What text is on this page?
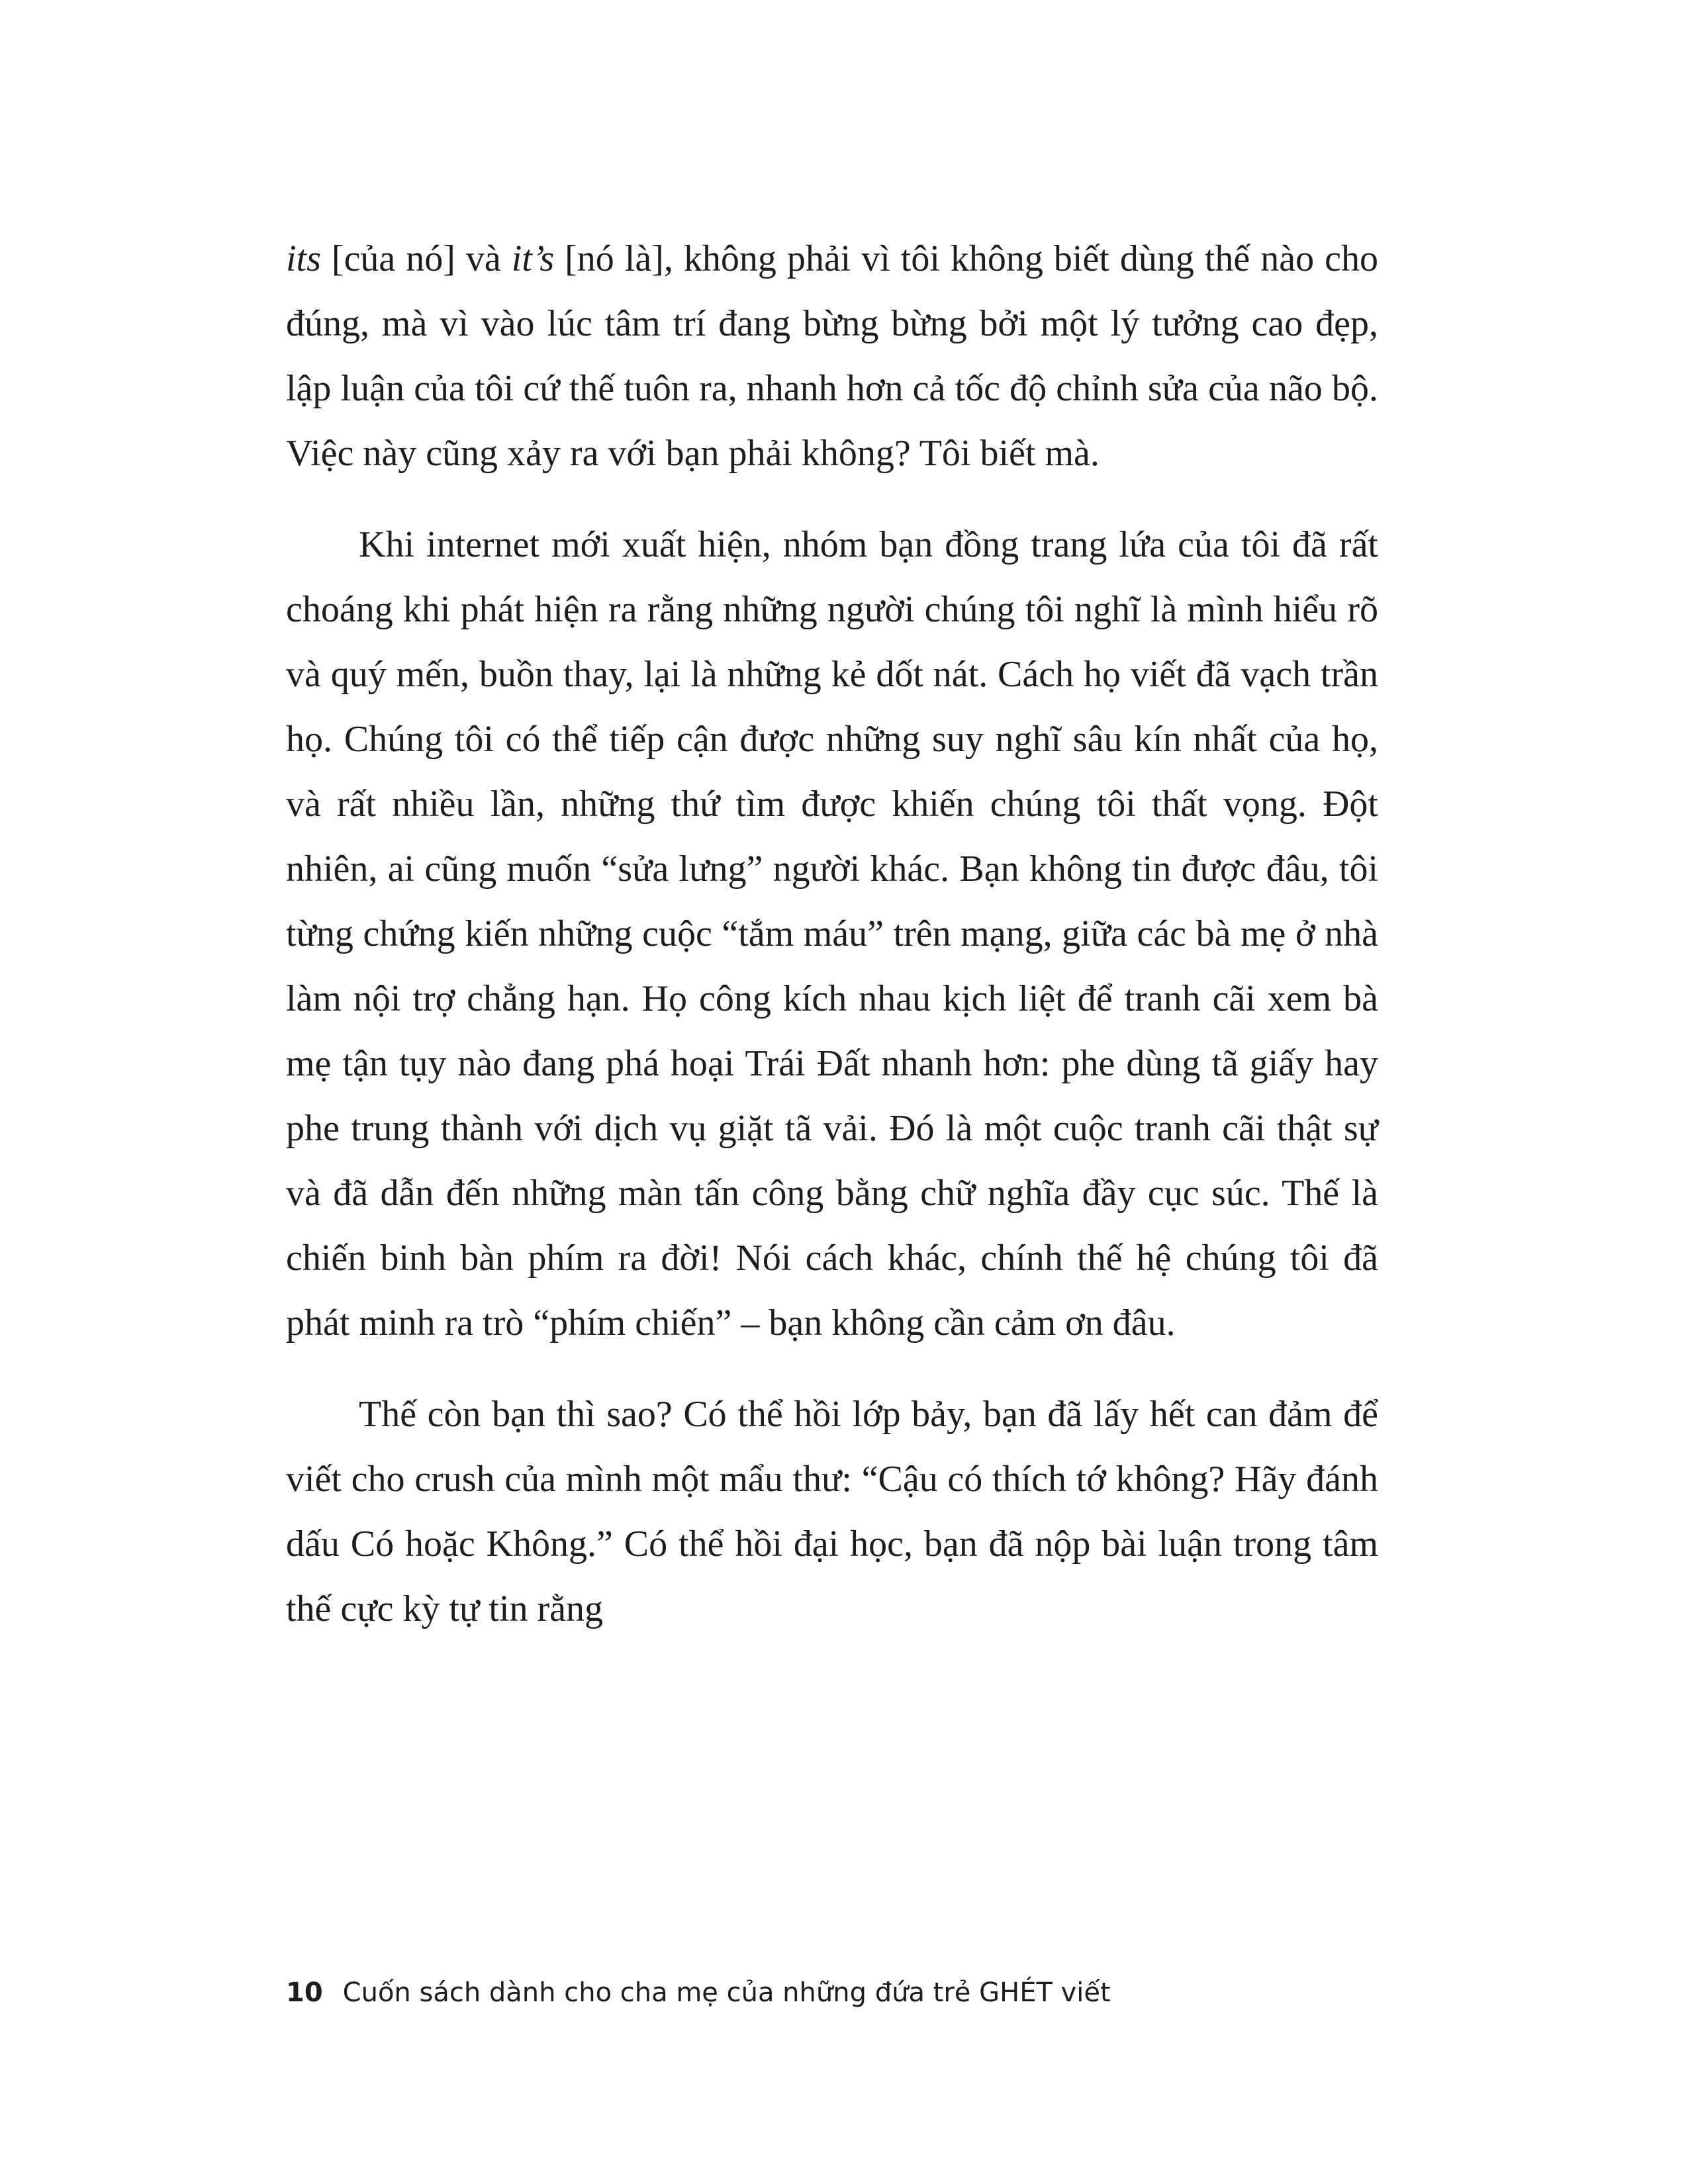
its [của nó] và it’s [nó là], không phải vì tôi không biết dùng thế nào cho đúng, mà vì vào lúc tâm trí đang bừng bừng bởi một lý tưởng cao đẹp, lập luận của tôi cứ thế tuôn ra, nhanh hơn cả tốc độ chỉnh sửa của não bộ. Việc này cũng xảy ra với bạn phải không? Tôi biết mà.

Khi internet mới xuất hiện, nhóm bạn đồng trang lứa của tôi đã rất choáng khi phát hiện ra rằng những người chúng tôi nghĩ là mình hiểu rõ và quý mến, buồn thay, lại là những kẻ dốt nát. Cách họ viết đã vạch trần họ. Chúng tôi có thể tiếp cận được những suy nghĩ sâu kín nhất của họ, và rất nhiều lần, những thứ tìm được khiến chúng tôi thất vọng. Đột nhiên, ai cũng muốn “sửa lưng” người khác. Bạn không tin được đâu, tôi từng chứng kiến những cuộc “tắm máu” trên mạng, giữa các bà mẹ ở nhà làm nội trợ chẳng hạn. Họ công kích nhau kịch liệt để tranh cãi xem bà mẹ tận tụy nào đang phá hoại Trái Đất nhanh hơn: phe dùng tã giấy hay phe trung thành với dịch vụ giặt tã vải. Đó là một cuộc tranh cãi thật sự và đã dẫn đến những màn tấn công bằng chữ nghĩa đầy cục súc. Thế là chiến binh bàn phím ra đời! Nói cách khác, chính thế hệ chúng tôi đã phát minh ra trò “phím chiến” – bạn không cần cảm ơn đâu.

Thế còn bạn thì sao? Có thể hồi lớp bảy, bạn đã lấy hết can đảm để viết cho crush của mình một mẩu thư: “Cậu có thích tớ không? Hãy đánh dấu Có hoặc Không.” Có thể hồi đại học, bạn đã nộp bài luận trong tâm thế cực kỳ tự tin rằng

10 Cuốn sách dành cho cha mẹ của những đứa trẻ GHÉT viết
